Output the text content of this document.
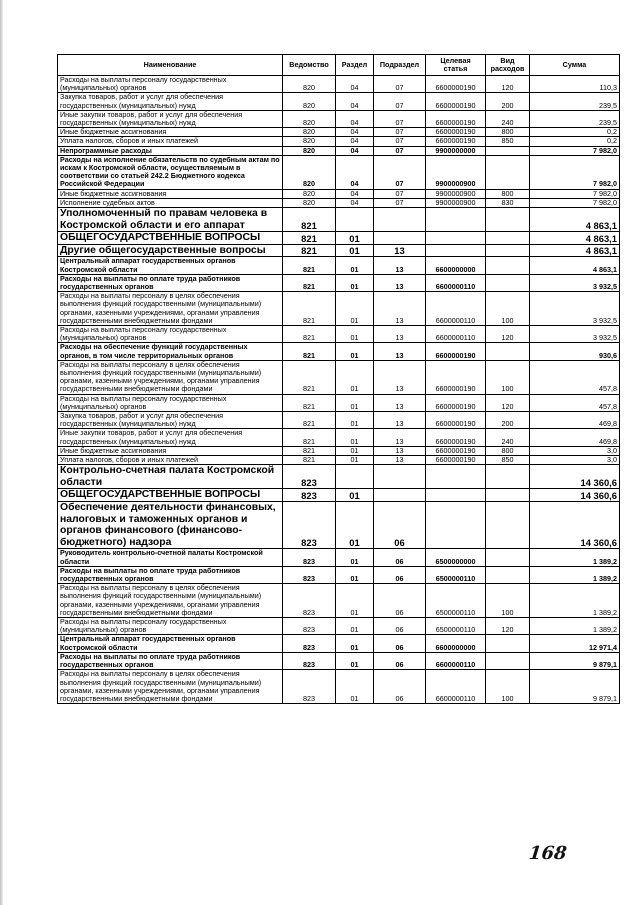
Наименование	Ведомство	Раздел	Подраздел	Целевая статья	Вид расходов	Сумма
Расходы на выплаты персоналу государственных (муниципальных) органов	820	04	07	6600000190	120	110,3
Закупка товаров, работ и услуг для обеспечения государственных (муниципальных) нужд	820	04	07	6600000190	200	239,5
Иные закупки товаров, работ и услуг для обеспечения государственных (муниципальных) нужд	820	04	07	6600000190	240	239,5
Иные бюджетные ассигнования	820	04	07	6600000190	800	0,2
Уплата налогов, сборов и иных платежей	820	04	07	6600000190	850	0,2
Непрограммные расходы	820	04	07	9900000000		7 982,0
Расходы на исполнение обязательств по судебным актам по искам к Костромской области, осуществляемым в соответствии со статьей 242.2 Бюджетного кодекса Российской Федерации	820	04	07	9900000900		7 982,0
Иные бюджетные ассигнования	820	04	07	9900000900	800	7 982,0
Исполнение судебных актов	820	04	07	9900000900	830	7 982,0
Уполномоченный по правам человека в Костромской области и его аппарат	821					4 863,1
ОБЩЕГОСУДАРСТВЕННЫЕ ВОПРОСЫ	821	01				4 863,1
Другие общегосударственные вопросы	821	01	13			4 863,1
Центральный аппарат государственных органов Костромской области	821	01	13	6600000000		4 863,1
Расходы на выплаты по оплате труда работников государственных органов	821	01	13	6600000110		3 932,5
Расходы на выплаты персоналу в целях обеспечения выполнения функций государственными (муниципальными) органами, казенными учреждениями, органами управления государственными внебюджетными фондами	821	01	13	6600000110	100	3 932,5
Расходы на выплаты персоналу государственных (муниципальных) органов	821	01	13	6600000110	120	3 932,5
Расходы на обеспечение функций государственных органов, в том числе территориальных органов	821	01	13	6600000190		930,6
Расходы на выплаты персоналу в целях обеспечения выполнения функций государственными (муниципальными) органами, казенными учреждениями, органами управления государственными внебюджетными фондами	821	01	13	6600000190	100	457,8
Расходы на выплаты персоналу государственных (муниципальных) органов	821	01	13	6600000190	120	457,8
Закупка товаров, работ и услуг для обеспечения государственных (муниципальных) нужд	821	01	13	6600000190	200	469,8
Иные закупки товаров, работ и услуг для обеспечения государственных (муниципальных) нужд	821	01	13	6600000190	240	469,8
Иные бюджетные ассигнования	821	01	13	6600000190	800	3,0
Уплата налогов, сборов и иных платежей	821	01	13	6600000190	850	3,0
Контрольно-счетная палата Костромской области	823					14 360,6
ОБЩЕГОСУДАРСТВЕННЫЕ ВОПРОСЫ	823	01				14 360,6
Обеспечение деятельности финансовых, налоговых и таможенных органов и органов финансового (финансово-бюджетного) надзора	823	01	06			14 360,6
Руководитель контрольно-счетной палаты Костромской области	823	01	06	6500000000		1 389,2
Расходы на выплаты по оплате труда работников государственных органов	823	01	06	6500000110		1 389,2
Расходы на выплаты персоналу в целях обеспечения выполнения функций государственными (муниципальными) органами, казенными учреждениями, органами управления государственными внебюджетными фондами	823	01	06	6500000110	100	1 389,2
Расходы на выплаты персоналу государственных (муниципальных) органов	823	01	06	6500000110	120	1 389,2
Центральный аппарат государственных органов Костромской области	823	01	06	6600000000		12 971,4
Расходы на выплаты по оплате труда работников государственных органов	823	01	06	6600000110		9 879,1
Расходы на выплаты персоналу в целях обеспечения выполнения функций государственными (муниципальными) органами, казенными учреждениями, органами управления государственными внебюджетными фондами	823	01	06	6600000110	100	9 879,1
168
